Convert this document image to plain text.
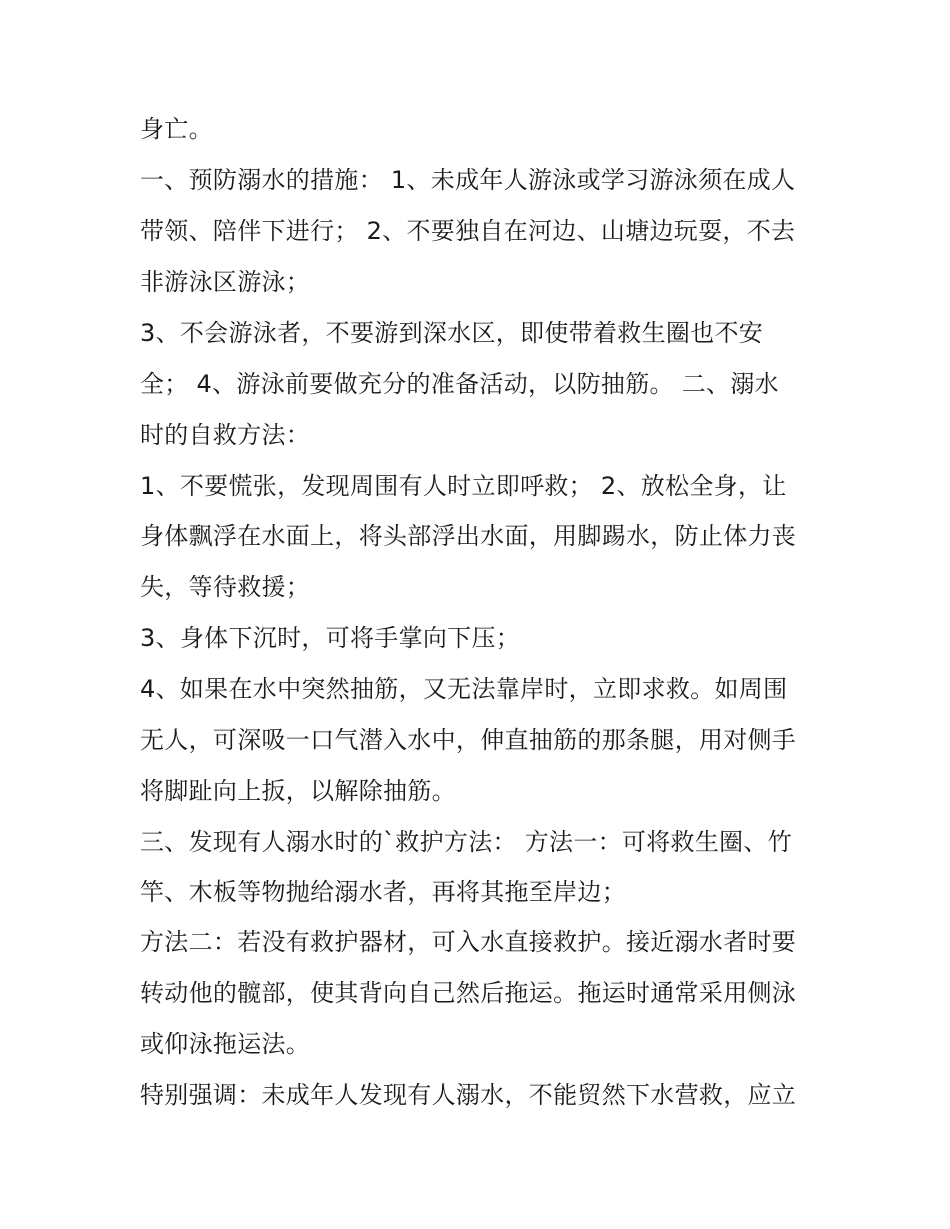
身亡。
一、预防溺水的措施： 1、未成年人游泳或学习游泳须在成人
带领、陪伴下进行； 2、不要独自在河边、山塘边玩耍，不去
非游泳区游泳；
3、不会游泳者，不要游到深水区，即使带着救生圈也不安
全； 4、游泳前要做充分的准备活动，以防抽筋。 二、溺水
时的自救方法：
1、不要慌张，发现周围有人时立即呼救； 2、放松全身，让
身体飘浮在水面上，将头部浮出水面，用脚踢水，防止体力丧
失，等待救援；
3、身体下沉时，可将手掌向下压；
4、如果在水中突然抽筋，又无法靠岸时，立即求救。如周围
无人，可深吸一口气潜入水中，伸直抽筋的那条腿，用对侧手
将脚趾向上扳，以解除抽筋。
三、发现有人溺水时的`救护方法： 方法一：可将救生圈、竹
竿、木板等物抛给溺水者，再将其拖至岸边；
方法二：若没有救护器材，可入水直接救护。接近溺水者时要
转动他的髋部，使其背向自己然后拖运。拖运时通常采用侧泳
或仰泳拖运法。
特别强调：未成年人发现有人溺水，不能贸然下水营救，应立
